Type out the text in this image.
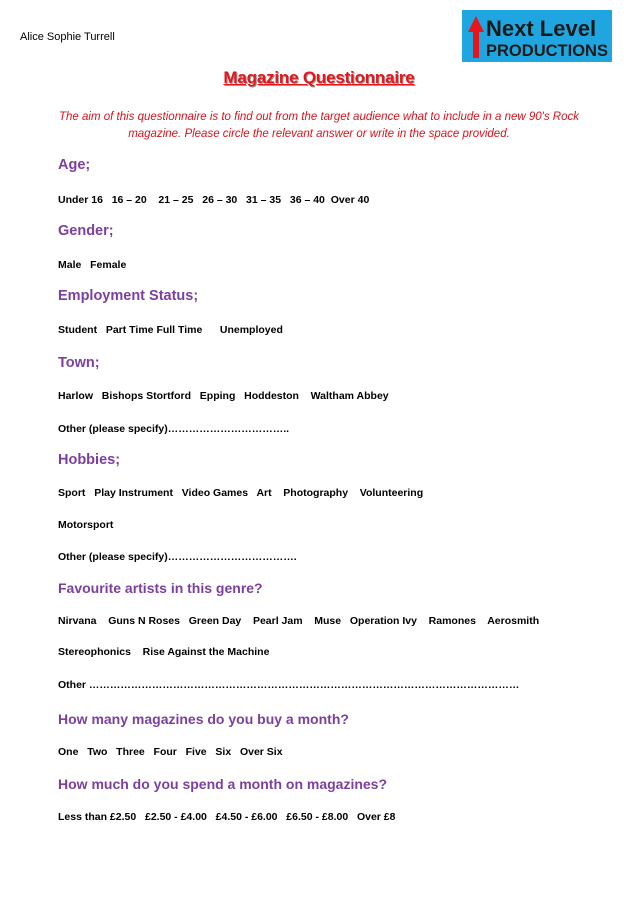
Alice Sophie Turrell	Next Level
PRODUCTIONS
Magazine Questionnaire
The aim of this questionnaire is to find out from the target audience what to include in a new 90's Rock magazine. Please circle the relevant answer or write in the space provided.
Age;
Under 16 16 – 20 21 – 25 26 – 30 31 – 35 36 – 40 Over 40
Gender;
Male Female
Employment Status;
Student Part Time Full Time Unemployed
Town;
Harlow Bishops Stortford Epping Hoddeston Waltham Abbey
Other (please specify)……………………………..
Hobbies;
Sport Play Instrument Video Games Art Photography Volunteering
Motorsport
Other (please specify)……………………………….
Favourite artists in this genre?
Nirvana Guns N Roses Green Day Pearl Jam Muse Operation Ivy Ramones Aerosmith
Stereophonics Rise Against the Machine
Other ……………………………………………………………………………………………………………
How many magazines do you buy a month?
One Two Three Four Five Six Over Six
How much do you spend a month on magazines?
Less than £2.50 £2.50 - £4.00 £4.50 - £6.00 £6.50 - £8.00 Over £8
